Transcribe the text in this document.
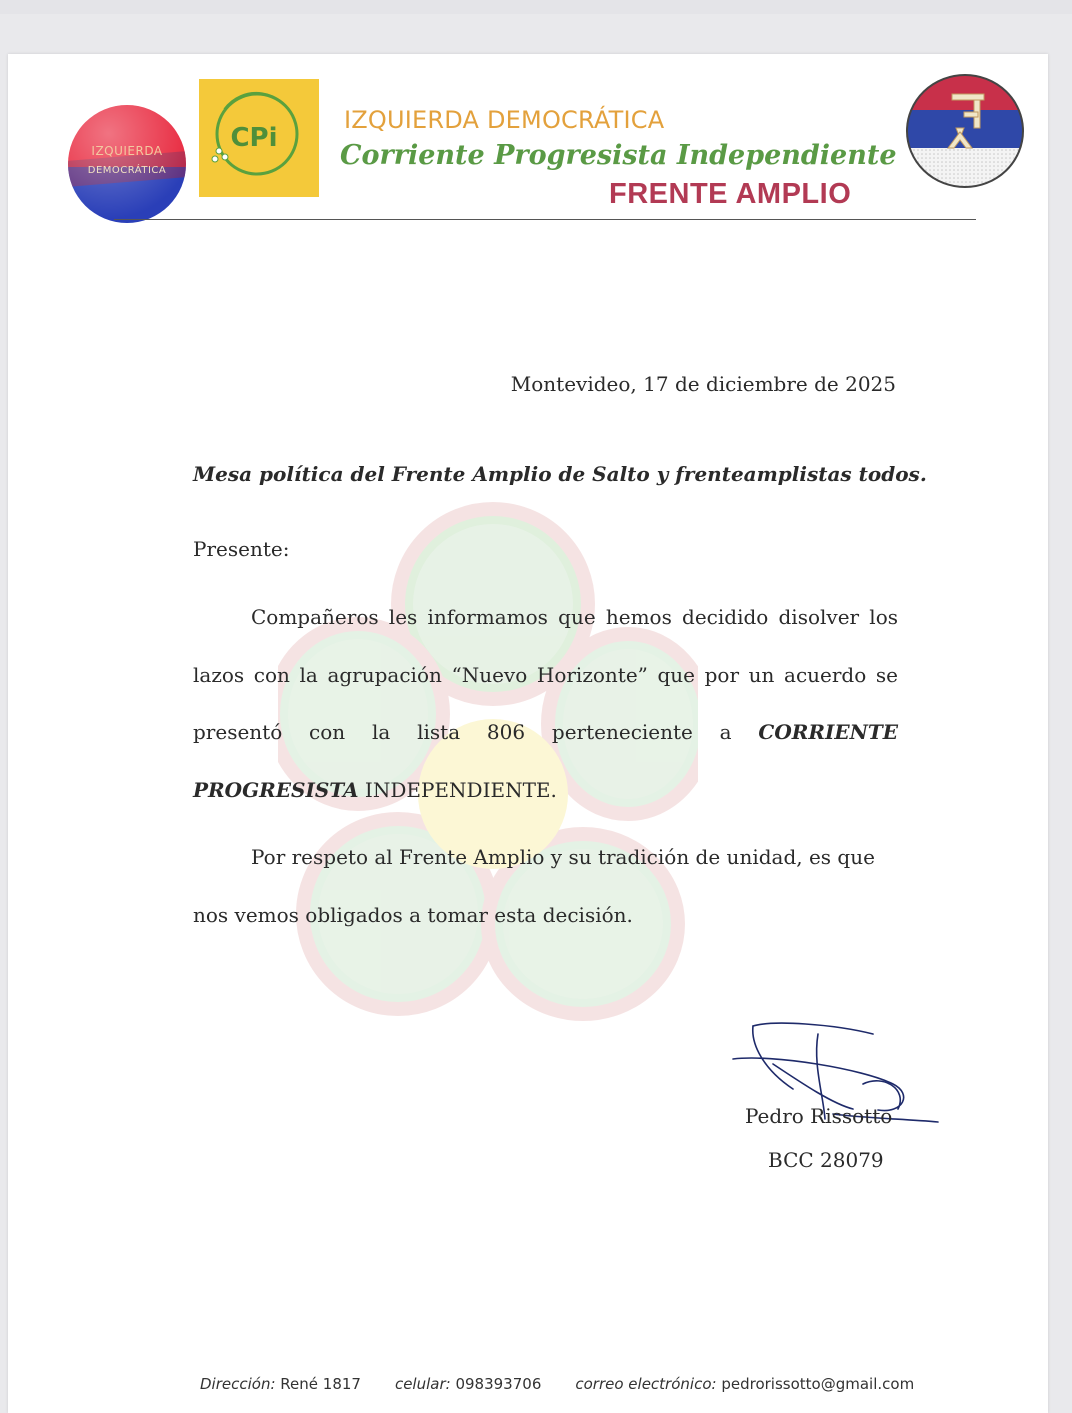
IZQUIERDA
DEMOCRÁTICA
CPi
IZQUIERDA DEMOCRÁTICA
Corriente Progresista Independiente
FRENTE AMPLIO
Montevideo, 17 de diciembre de 2025
Mesa política del Frente Amplio de Salto y frenteamplistas todos.
Presente:
Compañeros les informamos que hemos decidido disolver los lazos con la agrupación “Nuevo Horizonte” que por un acuerdo se presentó con la lista 806 perteneciente a CORRIENTE PROGRESISTA INDEPENDIENTE.
Por respeto al Frente Amplio y su tradición de unidad, es que nos vemos obligados a tomar esta decisión.
Pedro Rissotto
BCC 28079
Dirección: René 1817 celular: 098393706 correo electrónico: pedrorissotto@gmail.com
